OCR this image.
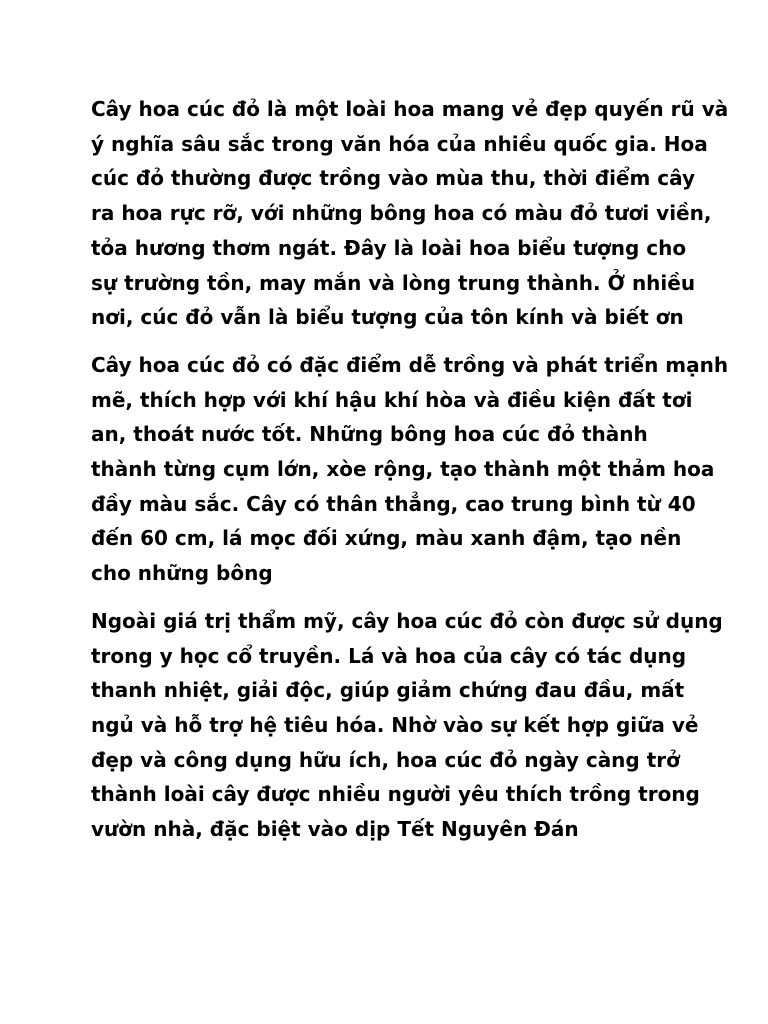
Cây hoa cúc đỏ là một loài hoa mang vẻ đẹp quyến rũ và
ý nghĩa sâu sắc trong văn hóa của nhiều quốc gia. Hoa
cúc đỏ thường được trồng vào mùa thu, thời điểm cây
ra hoa rực rỡ, với những bông hoa có màu đỏ tươi viền,
tỏa hương thơm ngát. Đây là loài hoa biểu tượng cho
sự trường tồn, may mắn và lòng trung thành. Ở nhiều
nơi, cúc đỏ vẫn là biểu tượng của tôn kính và biết ơn

Cây hoa cúc đỏ có đặc điểm dễ trồng và phát triển mạnh
mẽ, thích hợp với khí hậu khí hòa và điều kiện đất tơi
an, thoát nước tốt. Những bông hoa cúc đỏ thành
thành từng cụm lớn, xòe rộng, tạo thành một thảm hoa
đầy màu sắc. Cây có thân thẳng, cao trung bình từ 40
đến 60 cm, lá mọc đối xứng, màu xanh đậm, tạo nền
cho những bông

Ngoài giá trị thẩm mỹ, cây hoa cúc đỏ còn được sử dụng
trong y học cổ truyền. Lá và hoa của cây có tác dụng
thanh nhiệt, giải độc, giúp giảm chứng đau đầu, mất
ngủ và hỗ trợ hệ tiêu hóa. Nhờ vào sự kết hợp giữa vẻ
đẹp và công dụng hữu ích, hoa cúc đỏ ngày càng trở
thành loài cây được nhiều người yêu thích trồng trong
vườn nhà, đặc biệt vào dịp Tết Nguyên Đán
